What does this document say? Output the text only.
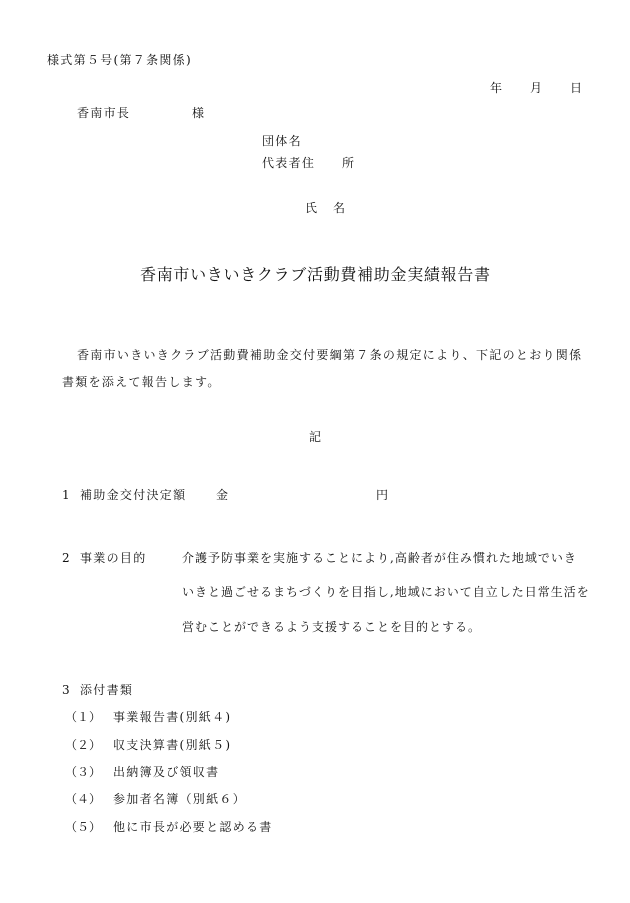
様式第５号(第７条関係)
年 月 日
香南市長	様
団体名
代表者住 所
氏 名
香南市いきいきクラブ活動費補助金実績報告書
香南市いきいきクラブ活動費補助金交付要綱第７条の規定により、下記のとおり関係
書類を添えて報告します。
記
1 補助金交付決定額 金	円
2 事業の目的	介護予防事業を実施することにより,高齢者が住み慣れた地域でいき
いきと過ごせるまちづくりを目指し,地域において自立した日常生活を
営むことができるよう支援することを目的とする。
3 添付書類
（１） 事業報告書(別紙４)
（２） 収支決算書(別紙５)
（３） 出納簿及び領収書
（４） 参加者名簿（別紙６）
（５） 他に市長が必要と認める書
